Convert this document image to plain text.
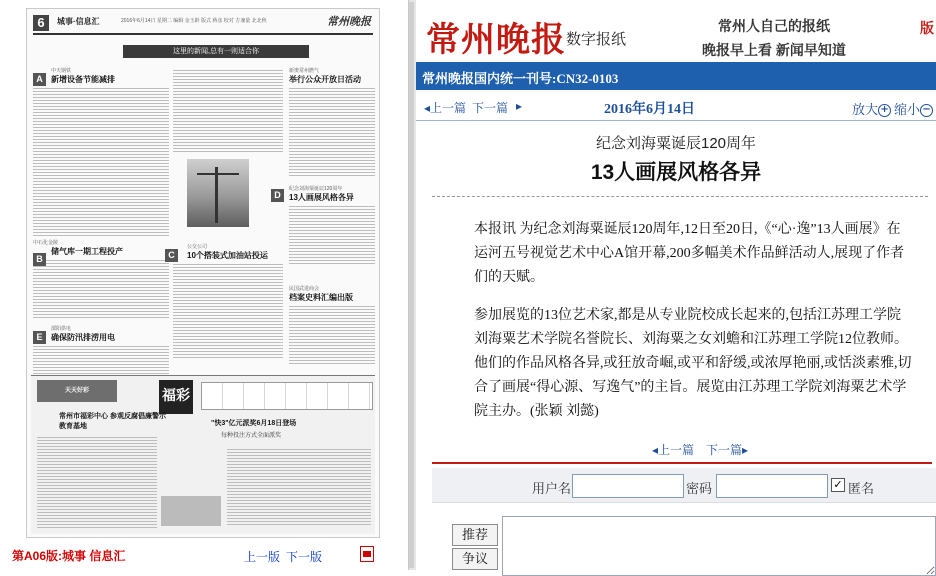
6	城事·信息汇	2016年6月14日 星期二 编辑 金玉龄 版式 蒋彦 校对 方兼量 北北秋	常州晚报
这里的新闻,总有一则适合你
A
中天钢铁
新增设备节能减排
新奥常州燃气
举行公众开放日活动
D
纪念刘海粟诞辰120周年
13人画展风格各异
中石化金陵
B
储气库一期工程投产	C
公交公司
10个搭装式加油站投运
民国武进商会
档案史料汇编出版
E
溧阳供电
确保防汛排涝用电
天天好彩	福彩
常州市福彩中心 参观反腐倡廉警示教育基地	"快3"亿元派奖6月18日登场
每种投注方式全面派奖
第A06版:城事 信息汇	上一版 下一版
常州晚报 数字报纸
常州人自己的报纸
晚报早上看 新闻早知道
版
常州晚报国内统一刊号:CN32-0103
◂上一篇 下一篇 ▸	2016年6月14日	放大 + 缩小 −
纪念刘海粟诞辰120周年
13人画展风格各异

本报讯 为纪念刘海粟诞辰120周年,12日至20日,《“心·逸”13人画展》在运河五号视觉艺术中心A馆开幕,200多幅美术作品鲜活动人,展现了作者们的天赋。

参加展览的13位艺术家,都是从专业院校成长起来的,包括江苏理工学院刘海粟艺术学院名誉院长、刘海粟之女刘蟾和江苏理工学院12位教师。他们的作品风格各异,或狂放奇崛,或平和舒缓,或浓厚艳丽,或恬淡素雅,切合了画展“得心源、写逸气”的主旨。展览由江苏理工学院刘海粟艺术学院主办。(张颖 刘懿)

◂上一篇 下一篇▸
用户名	密码	✓ 匿名
推荐
争议
